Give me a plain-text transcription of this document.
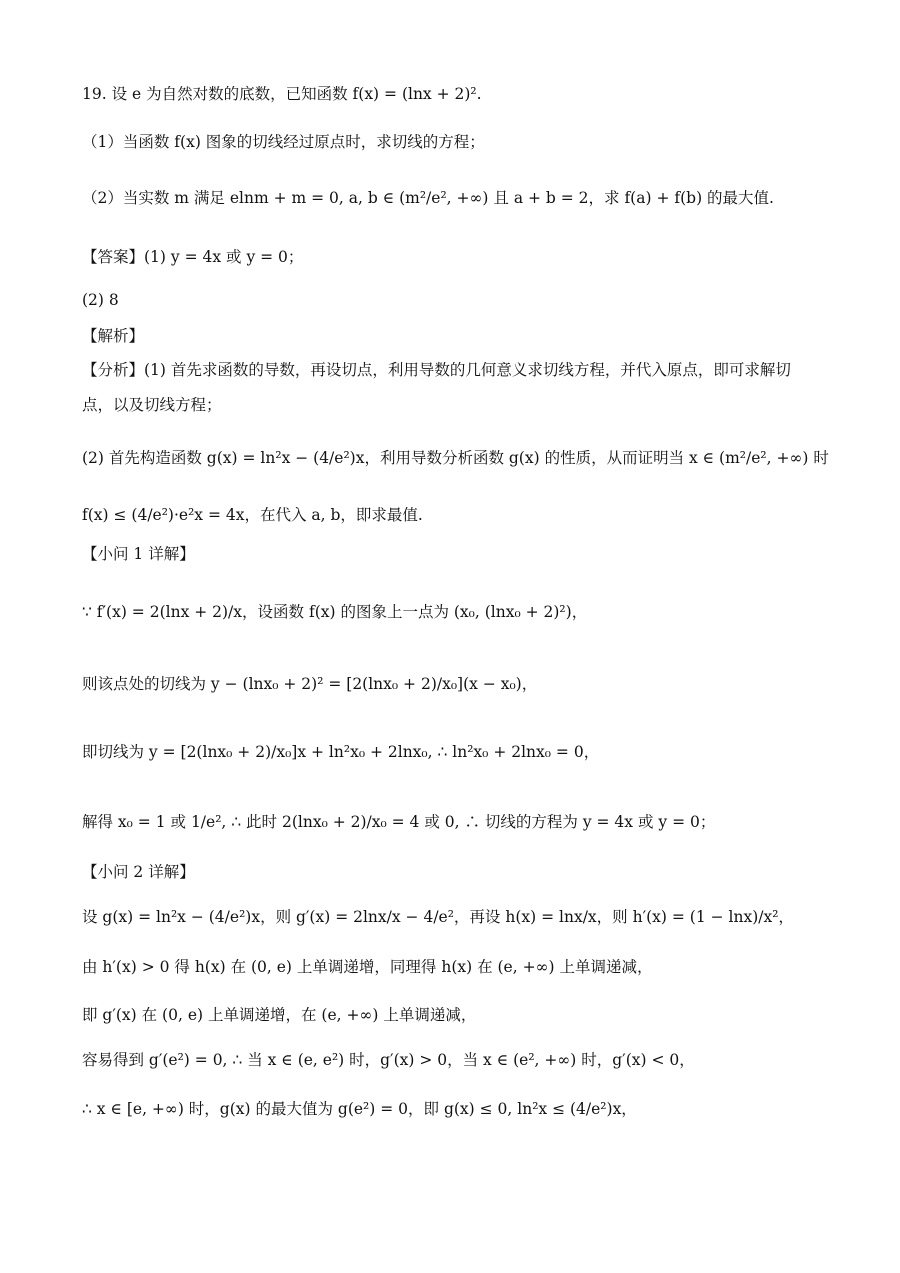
19. 设 e 为自然对数的底数，已知函数 f(x) = (lnx + 2)².
（1）当函数 f(x) 图象的切线经过原点时，求切线的方程；
（2）当实数 m 满足 elnm + m = 0, a, b ∈ (m²/e², +∞) 且 a + b = 2，求 f(a) + f(b) 的最大值.
【答案】(1) y = 4x 或 y = 0；
(2) 8
【解析】
【分析】(1) 首先求函数的导数，再设切点，利用导数的几何意义求切线方程，并代入原点，即可求解切
点，以及切线方程；
(2) 首先构造函数 g(x) = ln²x − (4/e²)x，利用导数分析函数 g(x) 的性质，从而证明当 x ∈ (m²/e², +∞) 时
f(x) ≤ (4/e²)·e²x = 4x，在代入 a, b，即求最值.
【小问 1 详解】
∵ f′(x) = 2(lnx + 2)/x，设函数 f(x) 的图象上一点为 (x₀, (lnx₀ + 2)²)，
则该点处的切线为 y − (lnx₀ + 2)² = [2(lnx₀ + 2)/x₀](x − x₀)，
即切线为 y = [2(lnx₀ + 2)/x₀]x + ln²x₀ + 2lnx₀, ∴ ln²x₀ + 2lnx₀ = 0，
解得 x₀ = 1 或 1/e², ∴ 此时 2(lnx₀ + 2)/x₀ = 4 或 0, ∴ 切线的方程为 y = 4x 或 y = 0；
【小问 2 详解】
设 g(x) = ln²x − (4/e²)x，则 g′(x) = 2lnx/x − 4/e²，再设 h(x) = lnx/x，则 h′(x) = (1 − lnx)/x²，
由 h′(x) > 0 得 h(x) 在 (0, e) 上单调递增，同理得 h(x) 在 (e, +∞) 上单调递减，
即 g′(x) 在 (0, e) 上单调递增，在 (e, +∞) 上单调递减，
容易得到 g′(e²) = 0, ∴ 当 x ∈ (e, e²) 时，g′(x) > 0，当 x ∈ (e², +∞) 时，g′(x) < 0，
∴ x ∈ [e, +∞) 时，g(x) 的最大值为 g(e²) = 0，即 g(x) ≤ 0, ln²x ≤ (4/e²)x，
